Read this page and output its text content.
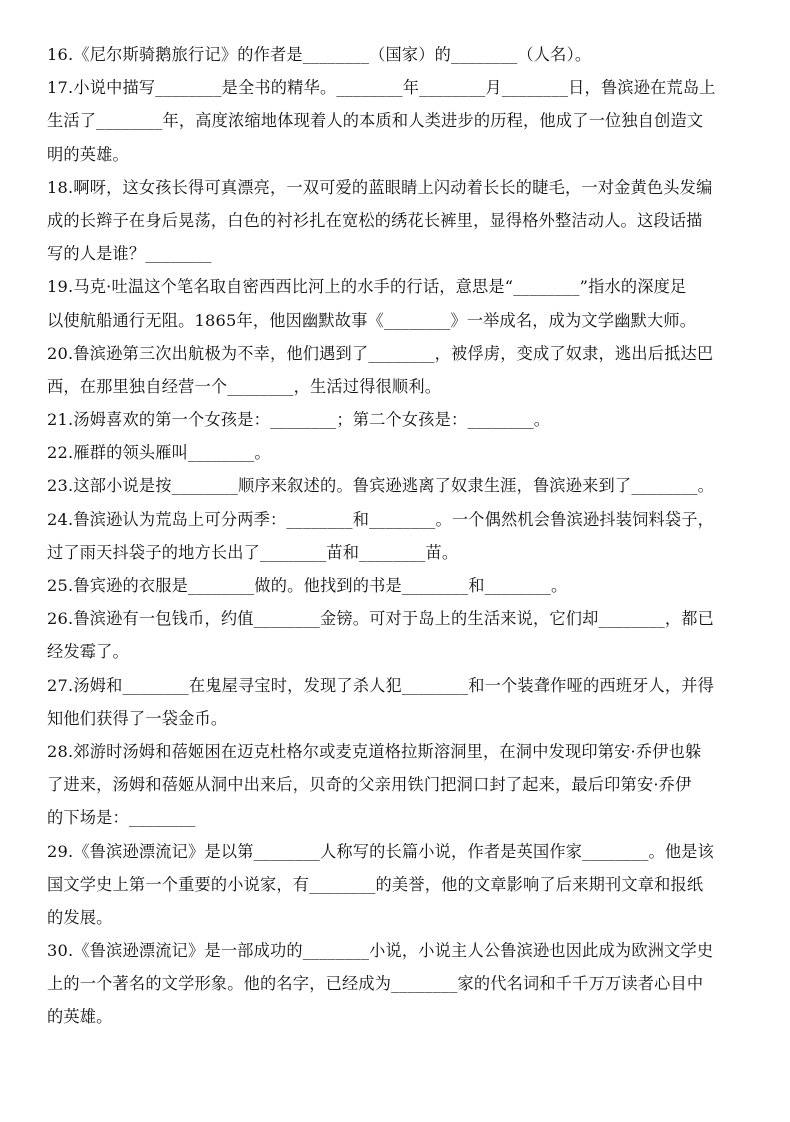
16.《尼尔斯骑鹅旅行记》的作者是________（国家）的________（人名）。
17.小说中描写________是全书的精华。________年________月________日，鲁滨逊在荒岛上
生活了________年，高度浓缩地体现着人的本质和人类进步的历程，他成了一位独自创造文
明的英雄。
18.啊呀，这女孩长得可真漂亮，一双可爱的蓝眼睛上闪动着长长的睫毛，一对金黄色头发编
成的长辫子在身后晃荡，白色的衬衫扎在宽松的绣花长裤里，显得格外整洁动人。这段话描
写的人是谁？________
19.马克·吐温这个笔名取自密西西比河上的水手的行话，意思是“________”指水的深度足
以使航船通行无阻。1865年，他因幽默故事《________》一举成名，成为文学幽默大师。
20.鲁滨逊第三次出航极为不幸，他们遇到了________，被俘虏，变成了奴隶，逃出后抵达巴
西，在那里独自经营一个________，生活过得很顺利。
21.汤姆喜欢的第一个女孩是：________；第二个女孩是：________。
22.雁群的领头雁叫________。
23.这部小说是按________顺序来叙述的。鲁宾逊逃离了奴隶生涯，鲁滨逊来到了________。
24.鲁滨逊认为荒岛上可分两季：________和________。一个偶然机会鲁滨逊抖装饲料袋子，
过了雨天抖袋子的地方长出了________苗和________苗。
25.鲁宾逊的衣服是________做的。他找到的书是________和________。
26.鲁滨逊有一包钱币，约值________金镑。可对于岛上的生活来说，它们却________，都已
经发霉了。
27.汤姆和________在鬼屋寻宝时，发现了杀人犯________和一个装聋作哑的西班牙人，并得
知他们获得了一袋金币。
28.郊游时汤姆和蓓姬困在迈克杜格尔或麦克道格拉斯溶洞里，在洞中发现印第安·乔伊也躲
了进来，汤姆和蓓姬从洞中出来后，贝奇的父亲用铁门把洞口封了起来，最后印第安·乔伊
的下场是：________
29.《鲁滨逊漂流记》是以第________人称写的长篇小说，作者是英国作家________。他是该
国文学史上第一个重要的小说家，有________的美誉，他的文章影响了后来期刊文章和报纸
的发展。
30.《鲁滨逊漂流记》是一部成功的________小说，小说主人公鲁滨逊也因此成为欧洲文学史
上的一个著名的文学形象。他的名字，已经成为________家的代名词和千千万万读者心目中
的英雄。
